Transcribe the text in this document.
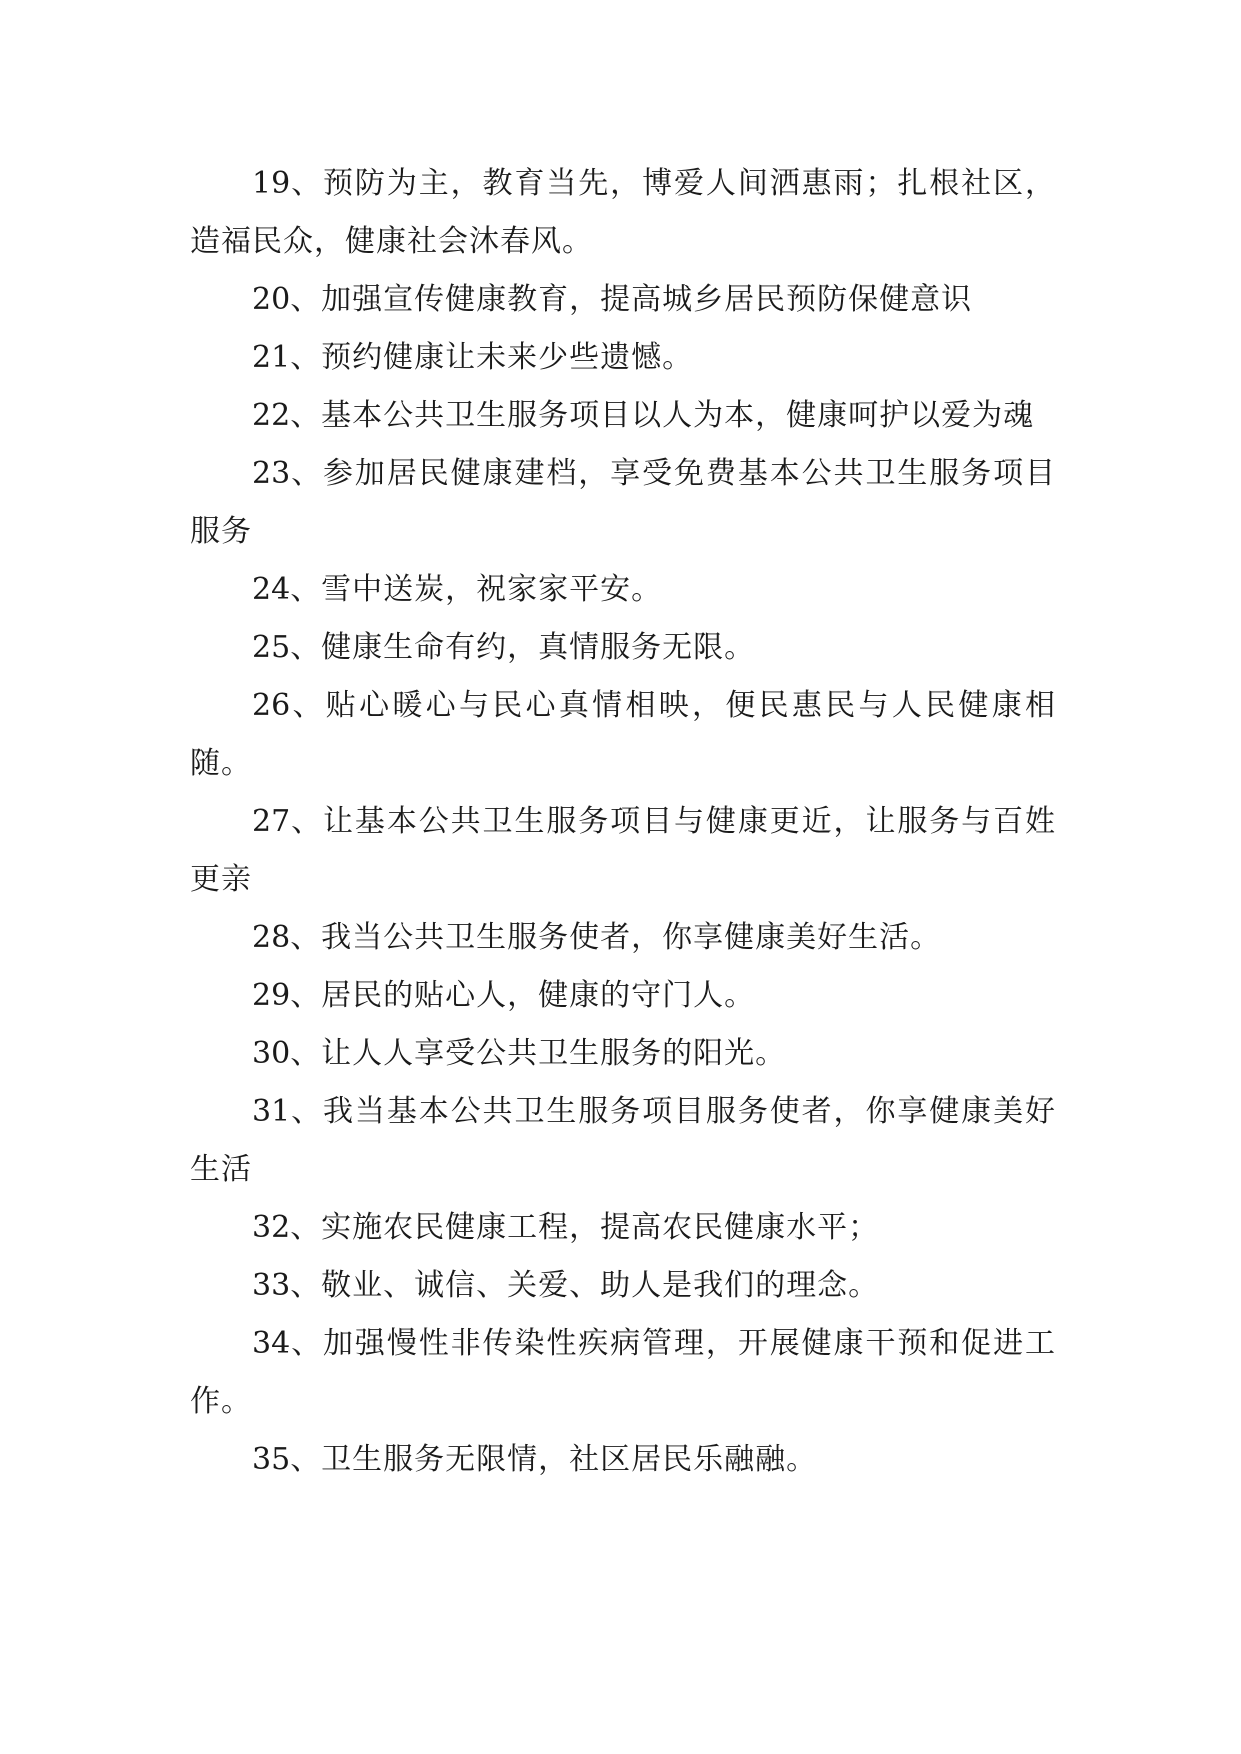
19、预防为主，教育当先，博爱人间洒惠雨；扎根社区，造福民众，健康社会沐春风。

20、加强宣传健康教育，提高城乡居民预防保健意识

21、预约健康让未来少些遗憾。

22、基本公共卫生服务项目以人为本，健康呵护以爱为魂

23、参加居民健康建档，享受免费基本公共卫生服务项目服务

24、雪中送炭，祝家家平安。

25、健康生命有约，真情服务无限。

26、贴心暖心与民心真情相映，便民惠民与人民健康相随。

27、让基本公共卫生服务项目与健康更近，让服务与百姓更亲

28、我当公共卫生服务使者，你享健康美好生活。

29、居民的贴心人，健康的守门人。

30、让人人享受公共卫生服务的阳光。

31、我当基本公共卫生服务项目服务使者，你享健康美好生活

32、实施农民健康工程，提高农民健康水平；

33、敬业、诚信、关爱、助人是我们的理念。

34、加强慢性非传染性疾病管理，开展健康干预和促进工作。

35、卫生服务无限情，社区居民乐融融。
